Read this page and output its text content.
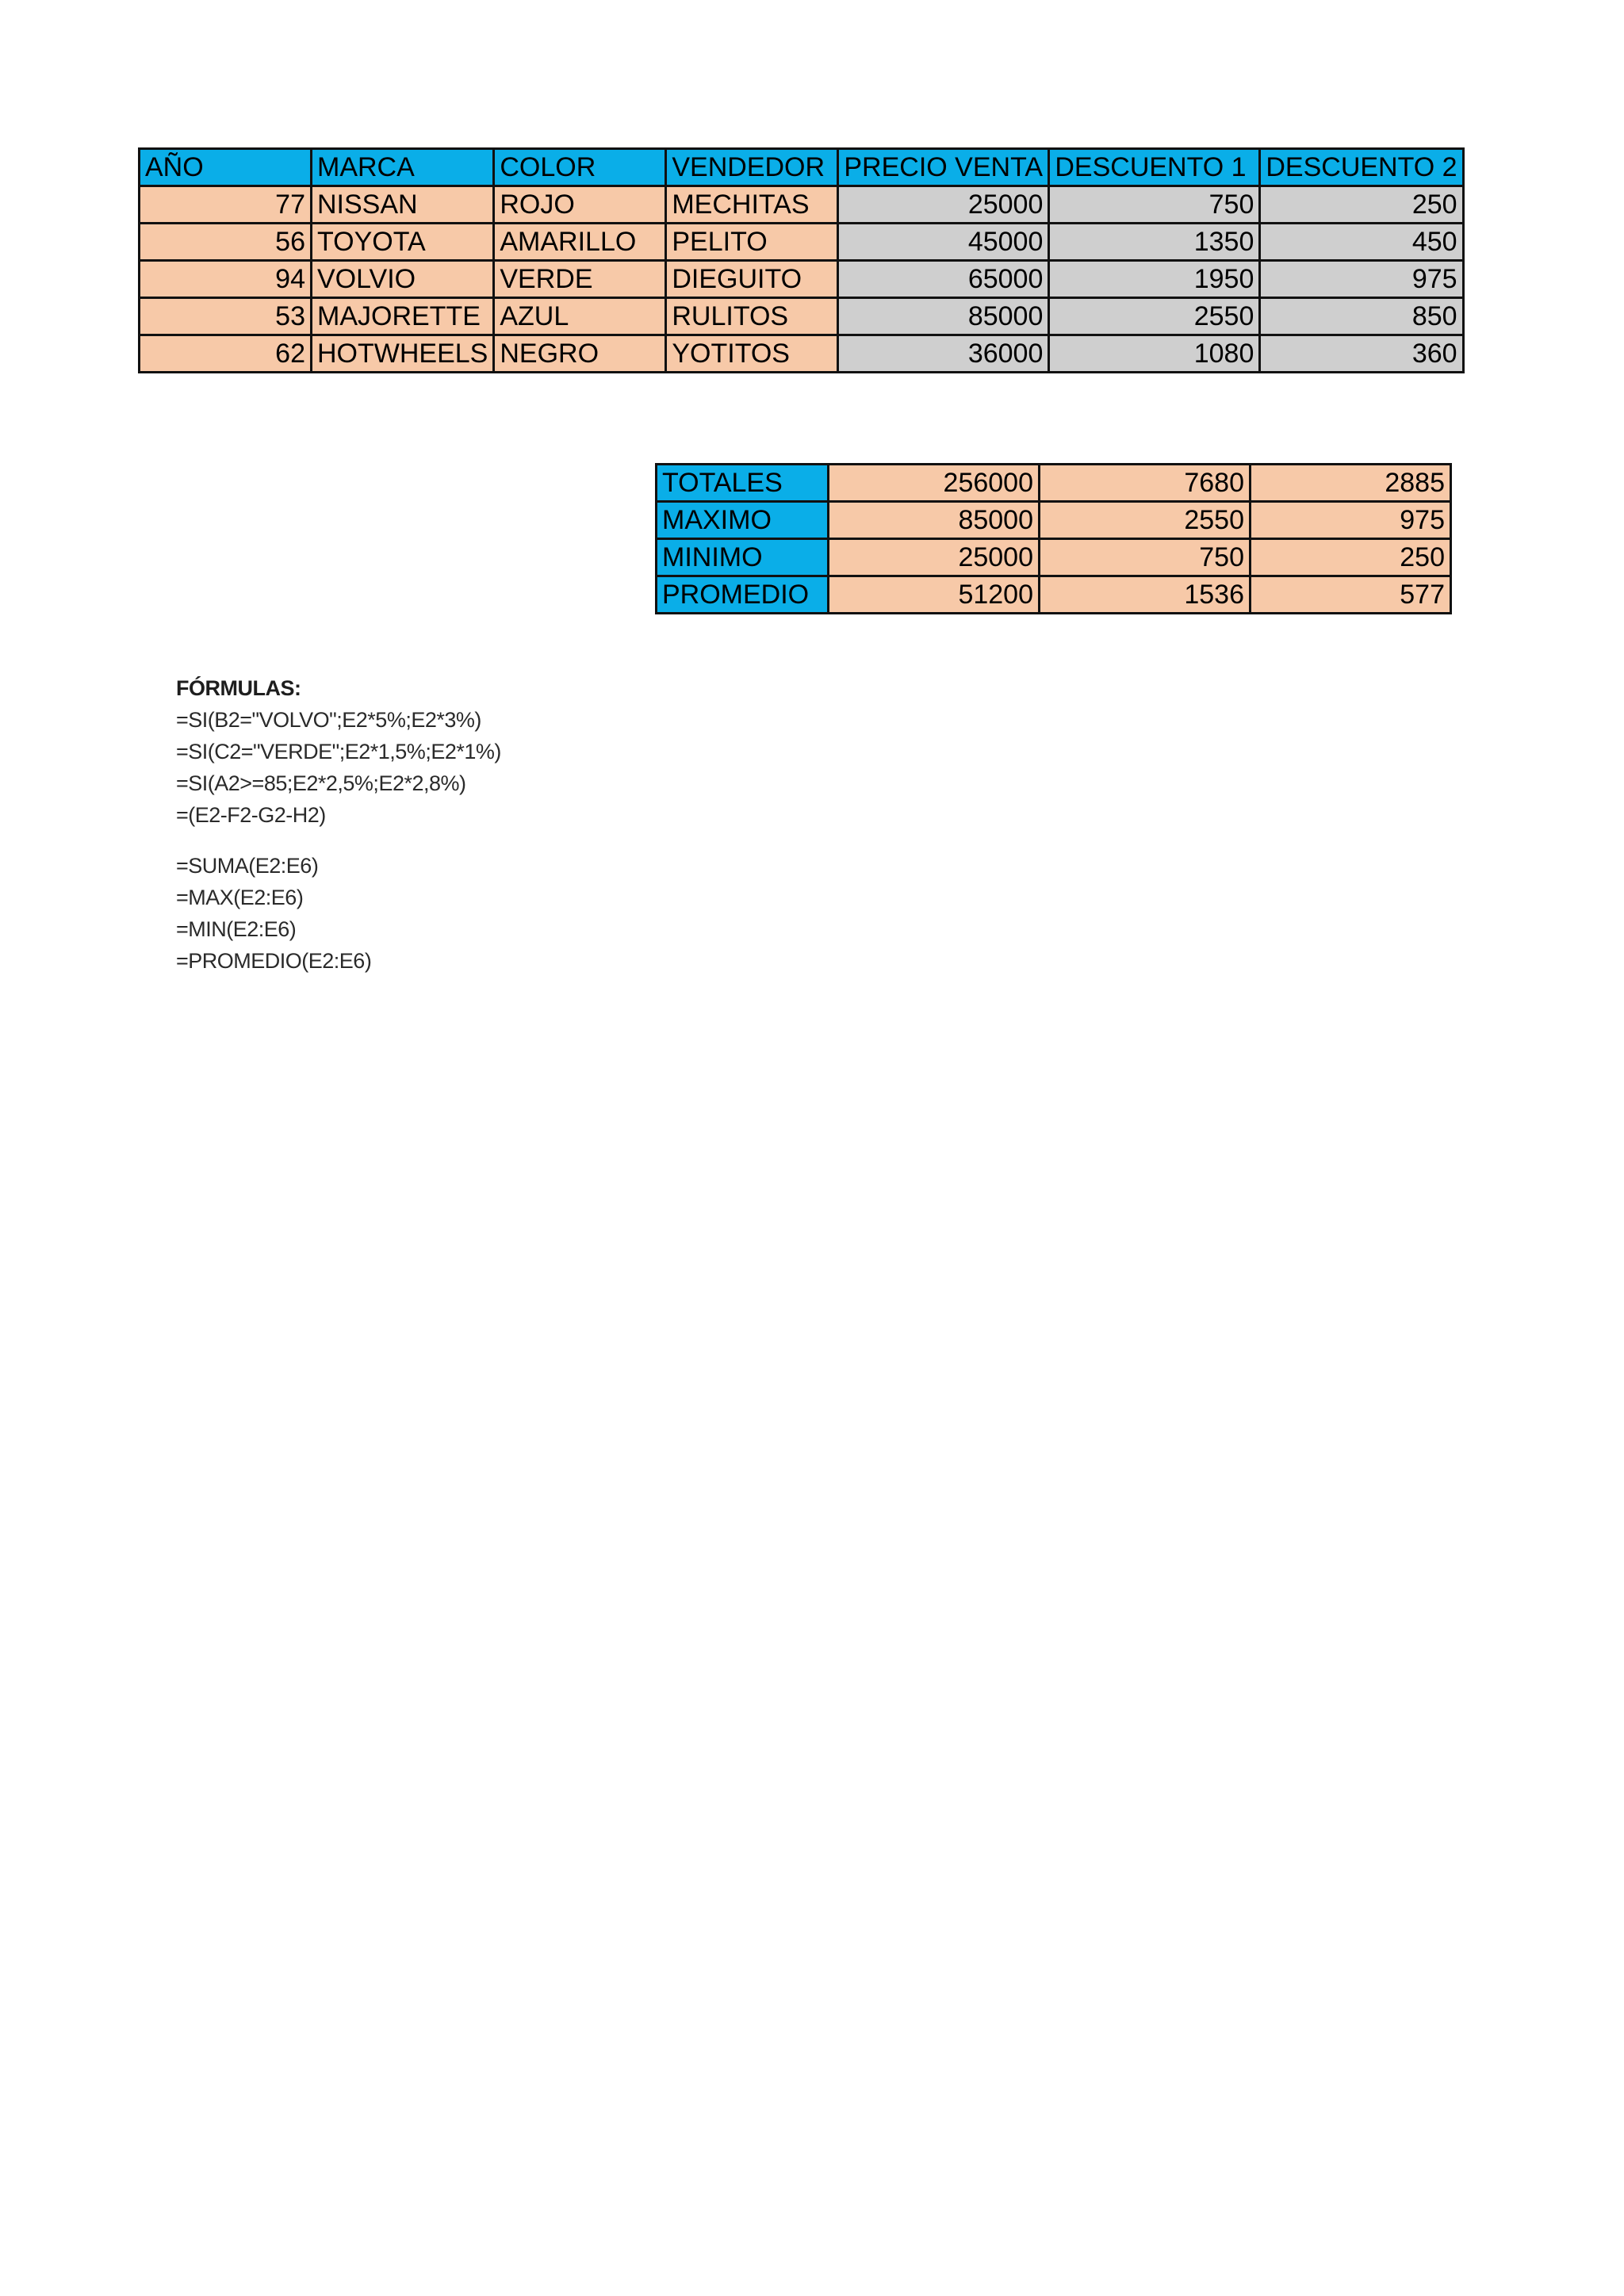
AÑO	MARCA	COLOR	VENDEDOR	PRECIO VENTA	DESCUENTO 1	DESCUENTO 2
77	NISSAN	ROJO	MECHITAS	25000	750	250
56	TOYOTA	AMARILLO	PELITO	45000	1350	450
94	VOLVIO	VERDE	DIEGUITO	65000	1950	975
53	MAJORETTE	AZUL	RULITOS	85000	2550	850
62	HOTWHEELS	NEGRO	YOTITOS	36000	1080	360
TOTALES	256000	7680	2885
MAXIMO	85000	2550	975
MINIMO	25000	750	250
PROMEDIO	51200	1536	577
FÓRMULAS:
=SI(B2="VOLVO";E2*5%;E2*3%)
=SI(C2="VERDE";E2*1,5%;E2*1%)
=SI(A2>=85;E2*2,5%;E2*2,8%)
=(E2-F2-G2-H2)
=SUMA(E2:E6)
=MAX(E2:E6)
=MIN(E2:E6)
=PROMEDIO(E2:E6)
